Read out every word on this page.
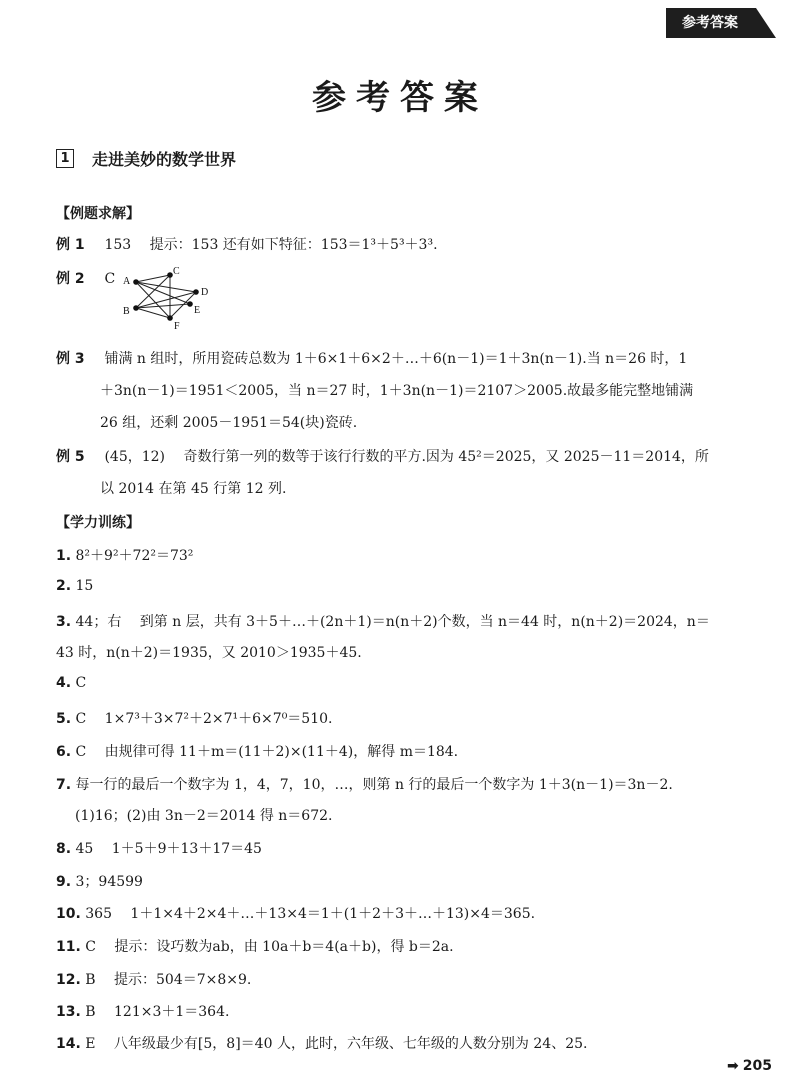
参考答案
参考答案
1 走进美妙的数学世界
【例题求解】
例 1 153　 提示：153 还有如下特征：153＝1³＋5³＋3³.
例 2 C A
C
D
E
B
F
例 3 铺满 n 组时，所用瓷砖总数为 1＋6×1＋6×2＋…＋6(n－1)＝1＋3n(n－1).当 n＝26 时，1
＋3n(n－1)＝1951＜2005，当 n＝27 时，1＋3n(n－1)＝2107＞2005.故最多能完整地铺满
26 组，还剩 2005－1951＝54(块)瓷砖.
例 5 (45，12)　 奇数行第一列的数等于该行行数的平方.因为 45²＝2025，又 2025－11＝2014，所
以 2014 在第 45 行第 12 列.
【学力训练】
1. 8²＋9²＋72²＝73²
2. 15
3. 44；右　 到第 n 层，共有 3＋5＋…＋(2n＋1)＝n(n＋2)个数，当 n＝44 时，n(n＋2)＝2024，n＝
43 时，n(n＋2)＝1935，又 2010＞1935＋45.
4. C
5. C　 1×7³＋3×7²＋2×7¹＋6×7⁰＝510.
6. C　 由规律可得 11＋m＝(11＋2)×(11＋4)，解得 m＝184.
7. 每一行的最后一个数字为 1，4，7，10，…，则第 n 行的最后一个数字为 1＋3(n－1)＝3n－2.
(1)16；(2)由 3n－2＝2014 得 n＝672.
8. 45　 1＋5＋9＋13＋17＝45
9. 3；94599
10. 365　 1＋1×4＋2×4＋…＋13×4＝1＋(1＋2＋3＋…＋13)×4＝365.
11. C　 提示：设巧数为ab，由 10a＋b＝4(a＋b)，得 b＝2a.
12. B　 提示：504＝7×8×9.
13. B　 121×3＋1＝364.
14. E　 八年级最少有[5，8]＝40 人，此时，六年级、七年级的人数分别为 24、25.
➡ 205
